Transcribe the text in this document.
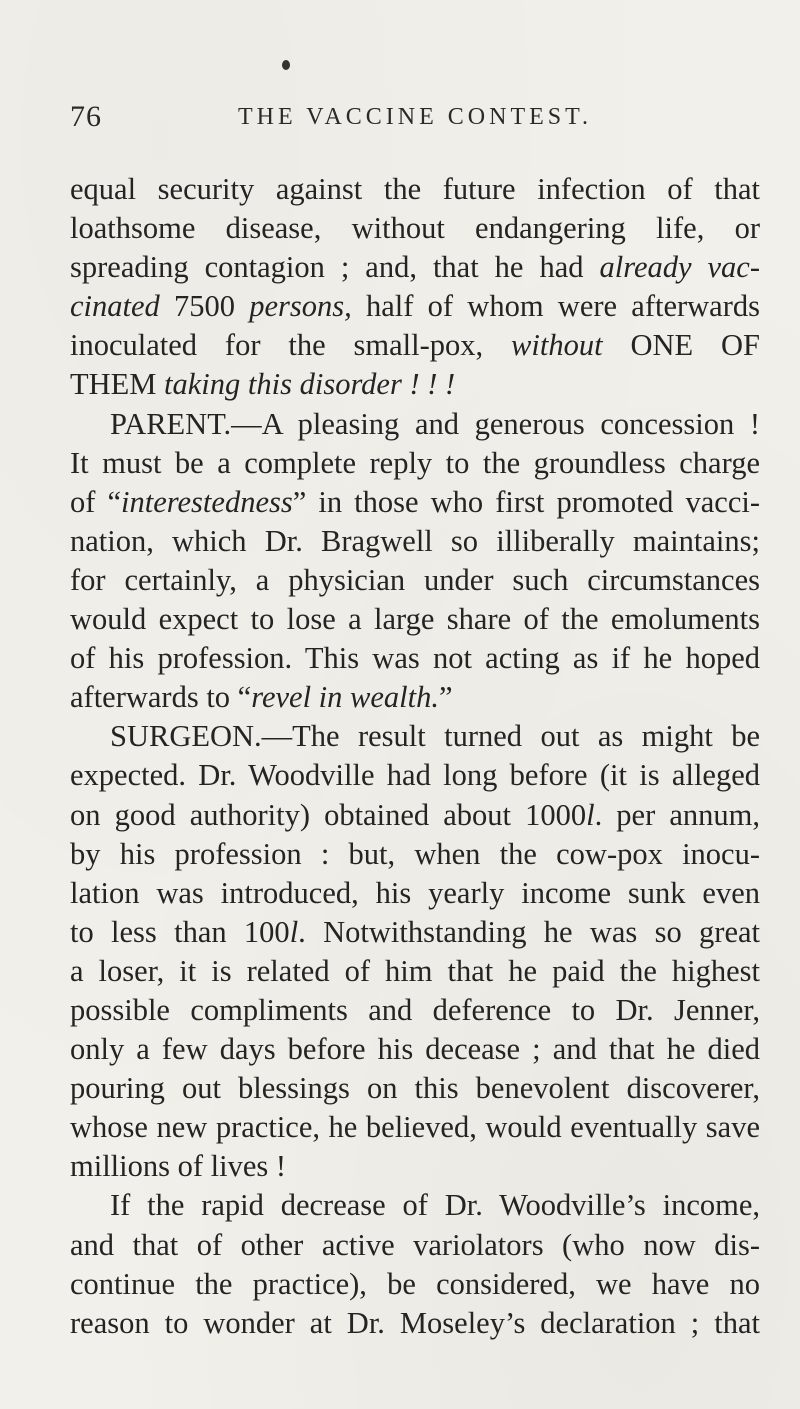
76	THE VACCINE CONTEST.
equal security against the future infection of that
loathsome disease, without endangering life, or
spreading contagion ; and, that he had already vac-
cinated 7500 persons, half of whom were afterwards
inoculated for the small-pox, without ONE OF
THEM taking this disorder ! ! !
PARENT.—A pleasing and generous concession !
It must be a complete reply to the groundless charge
of “interestedness” in those who first promoted vacci-
nation, which Dr. Bragwell so illiberally maintains;
for certainly, a physician under such circumstances
would expect to lose a large share of the emoluments
of his profession. This was not acting as if he hoped
afterwards to “revel in wealth.”
SURGEON.—The result turned out as might be
expected. Dr. Woodville had long before (it is alleged
on good authority) obtained about 1000l. per annum,
by his profession : but, when the cow-pox inocu-
lation was introduced, his yearly income sunk even
to less than 100l. Notwithstanding he was so great
a loser, it is related of him that he paid the highest
possible compliments and deference to Dr. Jenner,
only a few days before his decease ; and that he died
pouring out blessings on this benevolent discoverer,
whose new practice, he believed, would eventually save
millions of lives !
If the rapid decrease of Dr. Woodville’s income,
and that of other active variolators (who now dis-
continue the practice), be considered, we have no
reason to wonder at Dr. Moseley’s declaration ; that
